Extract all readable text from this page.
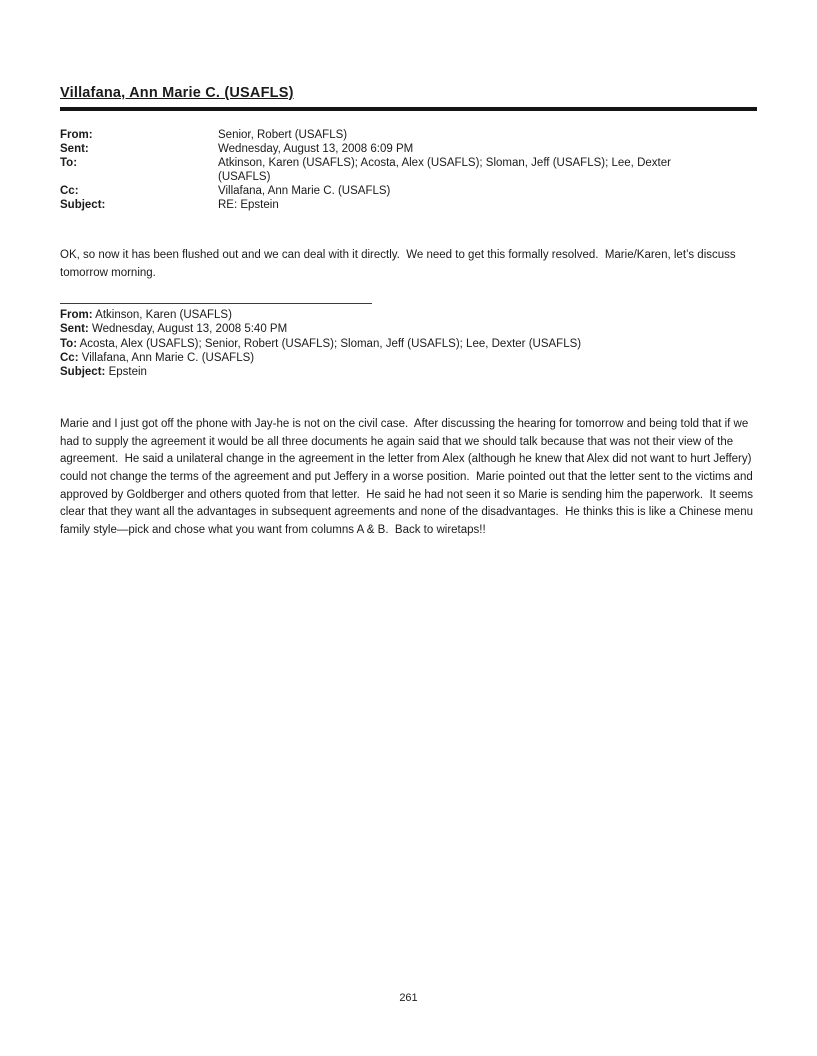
Villafana, Ann Marie C. (USAFLS)
From:	Senior, Robert (USAFLS)
Sent:	Wednesday, August 13, 2008 6:09 PM
To:	Atkinson, Karen (USAFLS); Acosta, Alex (USAFLS); Sloman, Jeff (USAFLS); Lee, Dexter (USAFLS)
Cc:	Villafana, Ann Marie C. (USAFLS)
Subject:	RE: Epstein

OK, so now it has been flushed out and we can deal with it directly.  We need to get this formally resolved.  Marie/Karen, let’s discuss tomorrow morning.

From: Atkinson, Karen (USAFLS)

Sent: Wednesday, August 13, 2008 5:40 PM

To: Acosta, Alex (USAFLS); Senior, Robert (USAFLS); Sloman, Jeff (USAFLS); Lee, Dexter (USAFLS)

Cc: Villafana, Ann Marie C. (USAFLS)

Subject: Epstein

Marie and I just got off the phone with Jay-he is not on the civil case.  After discussing the hearing for tomorrow and being told that if we had to supply the agreement it would be all three documents he again said that we should talk because that was not their view of the agreement.  He said a unilateral change in the agreement in the letter from Alex (although he knew that Alex did not want to hurt Jeffery) could not change the terms of the agreement and put Jeffery in a worse position.  Marie pointed out that the letter sent to the victims and approved by Goldberger and others quoted from that letter.  He said he had not seen it so Marie is sending him the paperwork.  It seems clear that they want all the advantages in subsequent agreements and none of the disadvantages.  He thinks this is like a Chinese menu family style—pick and chose what you want from columns A & B.  Back to wiretaps!!

261
